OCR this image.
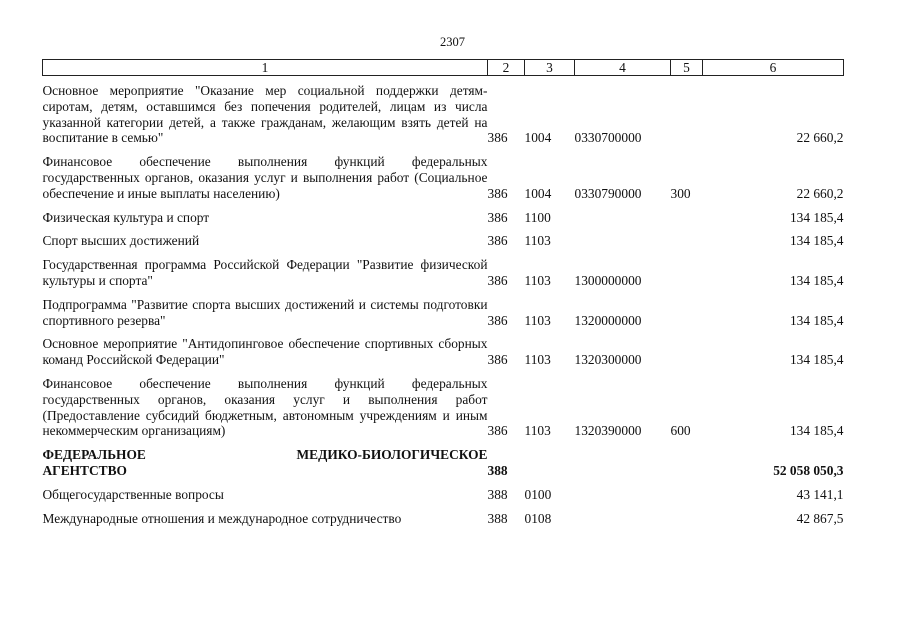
2307
1	2	3	4	5	6

Основное мероприятие "Оказание мер социальной поддержки детям-сиротам, детям, оставшимся без попечения родителей, лицам из числа указанной категории детей, а также гражданам, желающим взять детей на воспитание в семью"	386	1004	0330700000		22 660,2
Финансовое обеспечение выполнения функций федеральных государственных органов, оказания услуг и выполнения работ (Социальное обеспечение и иные выплаты населению)	386	1004	0330790000	300	22 660,2
Физическая культура и спорт	386	1100			134 185,4
Спорт высших достижений	386	1103			134 185,4
Государственная программа Российской Федерации "Развитие физической культуры и спорта"	386	1103	1300000000		134 185,4
Подпрограмма "Развитие спорта высших достижений и системы подготовки спортивного резерва"	386	1103	1320000000		134 185,4
Основное мероприятие "Антидопинговое обеспечение спортивных сборных команд Российской Федерации"	386	1103	1320300000		134 185,4
Финансовое обеспечение выполнения функций федеральных государственных органов, оказания услуг и выполнения работ (Предоставление субсидий бюджетным, автономным учреждениям и иным некоммерческим организациям)	386	1103	1320390000	600	134 185,4

ФЕДЕРАЛЬНОЕ МЕДИКО-БИОЛОГИЧЕСКОЕ
АГЕНТСТВО	388				52 058 050,3
Общегосударственные вопросы	388	0100			43 141,1
Международные отношения и международное сотрудничество	388	0108			42 867,5
